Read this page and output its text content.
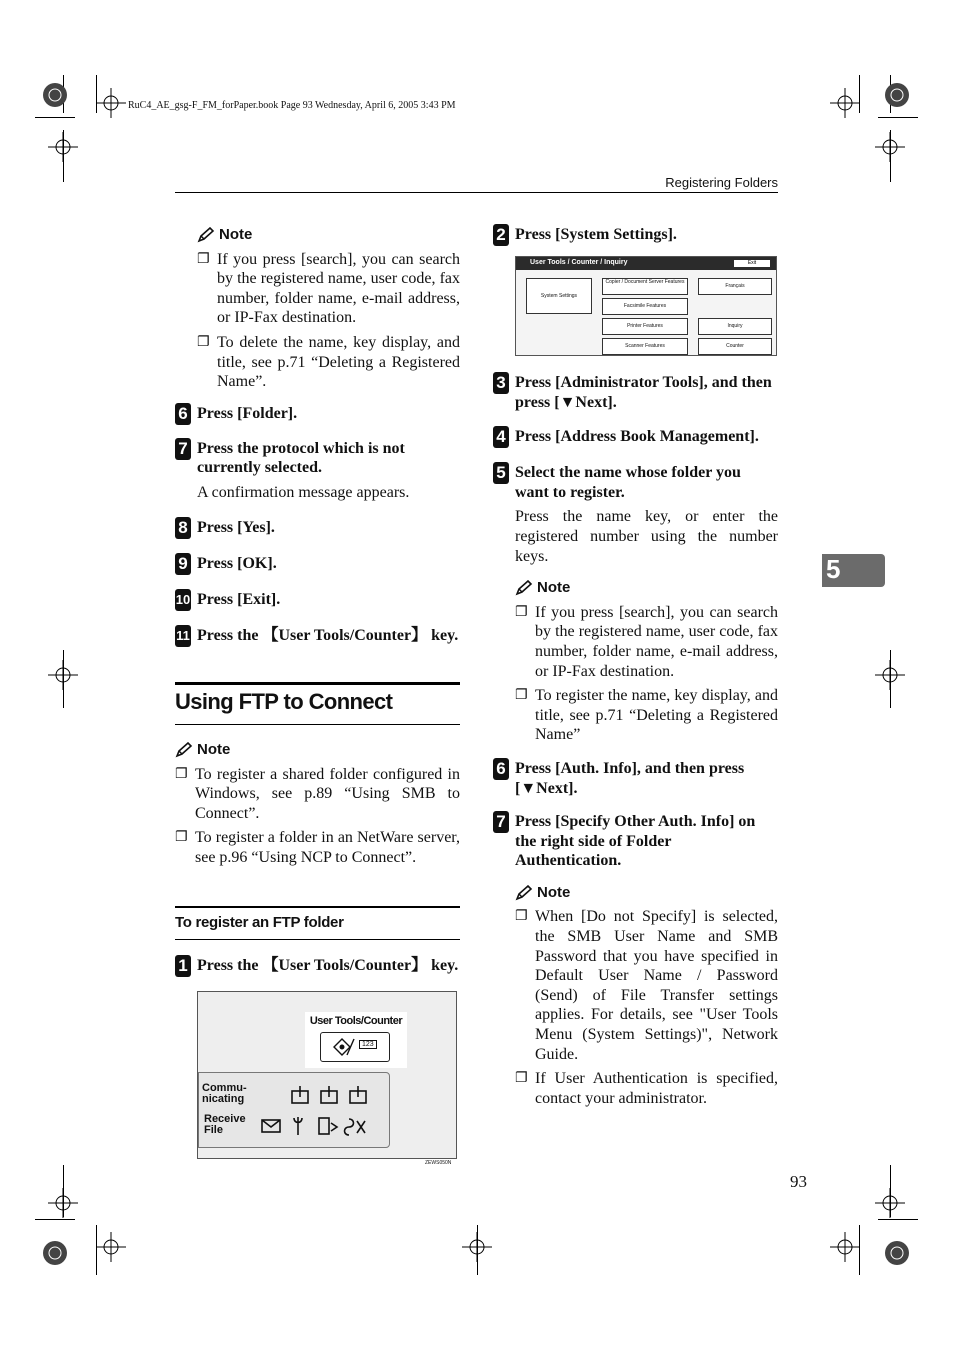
RuC4_AE_gsg-F_FM_forPaper.book Page 93 Wednesday, April 6, 2005 3:43 PM
Registering Folders
Note
❐ If you press [search], you can search by the registered name, user code, fax number, folder name, e-mail address, or IP-Fax destination.
❐ To delete the name, key display, and title, see p.71 “Deleting a Registered Name”.
6 Press [Folder].
7 Press the protocol which is not currently selected.
A confirmation message appears.
8 Press [Yes].
9 Press [OK].
10 Press [Exit].
11 Press the 【User Tools/Counter】 key.
Using FTP to Connect
Note
❐ To register a shared folder configured in Windows, see p.89 “Using SMB to Connect”.
❐ To register a folder in an NetWare server, see p.96 “Using NCP to Connect”.
To register an FTP folder
1 Press the 【User Tools/Counter】 key.
User Tools/Counter
123
Commu-
nicating
Receive
File
ZEWS050N
2 Press [System Settings].
User Tools / Counter / Inquiry	Exit
System Settings
Copier / Document Server Features
Facsimile Features
Printer Features
Scanner Features
Français
Inquiry
Counter
3 Press [Administrator Tools], and then press [▼Next].
4 Press [Address Book Management].
5 Select the name whose folder you want to register.
Press the name key, or enter the registered number using the number keys.
Note
❐ If you press [search], you can search by the registered name, user code, fax number, folder name, e-mail address, or IP-Fax destination.
❐ To register the name, key display, and title, see p.71 “Deleting a Registered Name”
6 Press [Auth. Info], and then press [▼Next].
7 Press [Specify Other Auth. Info] on the right side of Folder Authentication.
Note
❐ When [Do not Specify] is selected, the SMB User Name and SMB Password that you have specified in Default User Name / Password (Send) of File Transfer settings applies. For details, see "User Tools Menu (System Settings)", Network Guide.
❐ If User Authentication is specified, contact your administrator.
5
93
